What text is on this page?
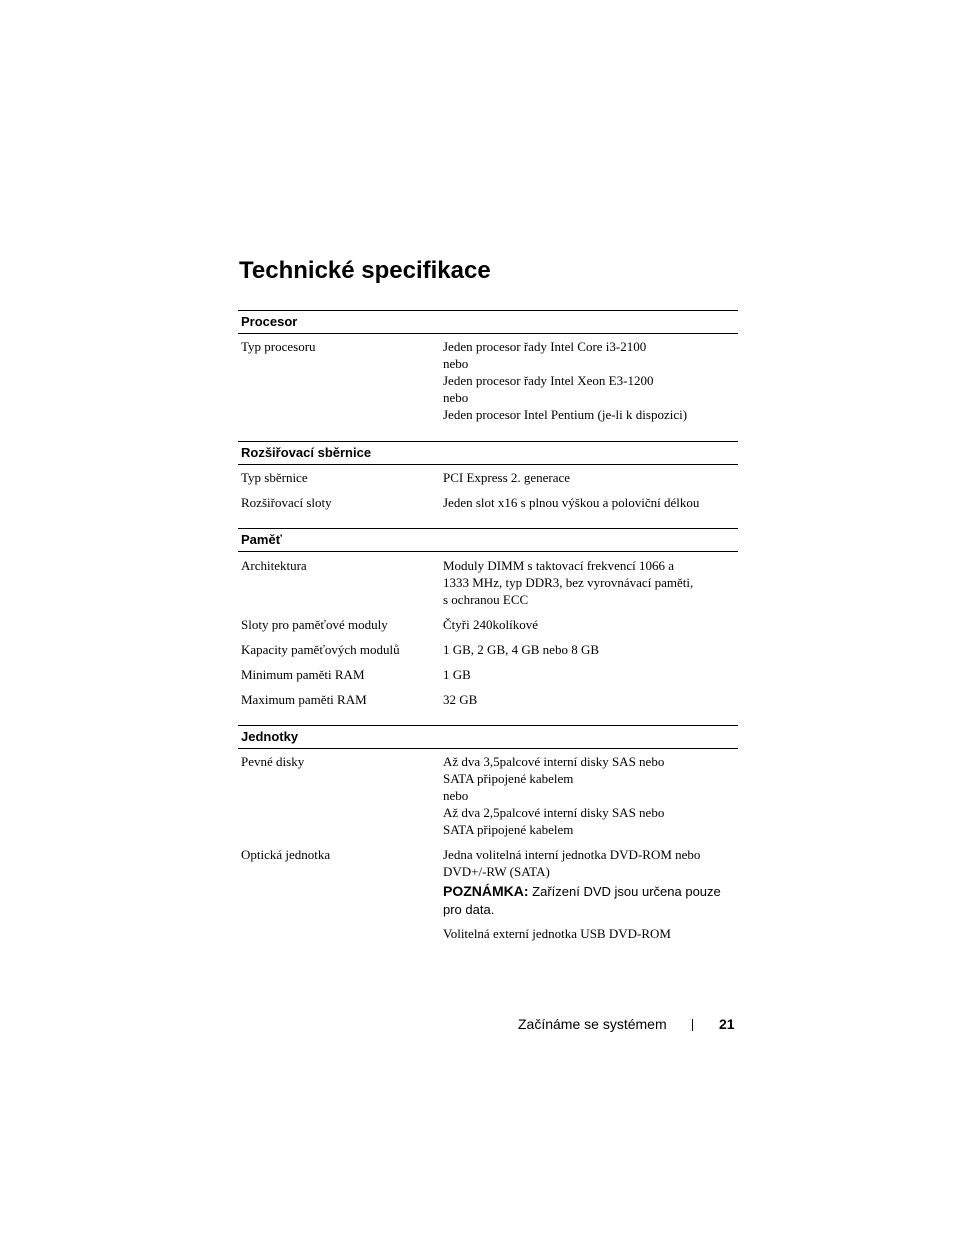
Technické specifikace
Procesor
Typ procesoru	Jeden procesor řady Intel Core i3-2100
nebo
Jeden procesor řady Intel Xeon E3-1200
nebo
Jeden procesor Intel Pentium (je-li k dispozici)
Rozšiřovací sběrnice
Typ sběrnice	PCI Express 2. generace
Rozšiřovací sloty	Jeden slot x16 s plnou výškou a poloviční délkou
Paměť
Architektura	Moduly DIMM s taktovací frekvencí 1066 a
1333 MHz, typ DDR3, bez vyrovnávací paměti,
s ochranou ECC
Sloty pro paměťové moduly	Čtyři 240kolíkové
Kapacity paměťových modulů	1 GB, 2 GB, 4 GB nebo 8 GB
Minimum paměti RAM	1 GB
Maximum paměti RAM	32 GB
Jednotky
Pevné disky	Až dva 3,5palcové interní disky SAS nebo
SATA připojené kabelem
nebo
Až dva 2,5palcové interní disky SAS nebo
SATA připojené kabelem
Optická jednotka	Jedna volitelná interní jednotka DVD-ROM nebo
DVD+/-RW (SATA)
POZNÁMKA: Zařízení DVD jsou určena pouze pro data.
Volitelná externí jednotka USB DVD-ROM
Začínáme se systémem	21
